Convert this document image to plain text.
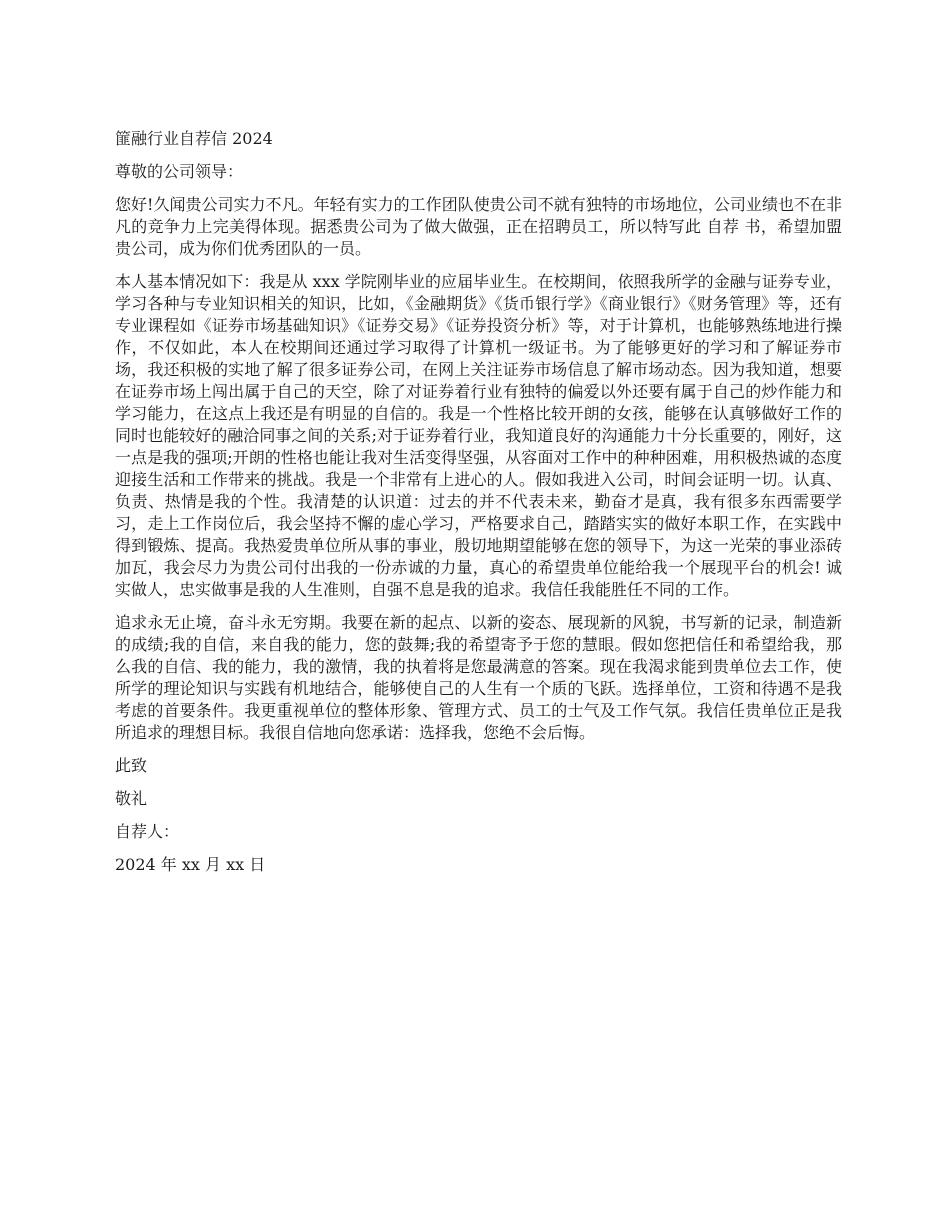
篚融行业自荐信 2024

尊敬的公司领导：

您好!久闻贵公司实力不凡。年轻有实力的工作团队使贵公司不就有独特的市场地位，公司业绩也不在非凡的竞争力上完美得体现。据悉贵公司为了做大做强，正在招聘员工，所以特写此 自荐 书，希望加盟贵公司，成为你们优秀团队的一员。

本人基本情况如下：我是从 xxx 学院刚毕业的应届毕业生。在校期间，依照我所学的金融与证券专业，学习各种与专业知识相关的知识，比如，《金融期货》《货币银行学》《商业银行》《财务管理》等，还有专业课程如《证券市场基础知识》《证券交易》《证券投资分析》等，对于计算机，也能够熟练地进行操作，不仅如此，本人在校期间还通过学习取得了计算机一级证书。为了能够更好的学习和了解证券市场，我还积极的实地了解了很多证券公司，在网上关注证券市场信息了解市场动态。因为我知道，想要在证券市场上闯出属于自己的天空，除了对证券着行业有独特的偏爱以外还要有属于自己的炒作能力和学习能力，在这点上我还是有明显的自信的。我是一个性格比较开朗的女孩，能够在认真够做好工作的同时也能较好的融洽同事之间的关系;对于证券着行业，我知道良好的沟通能力十分长重要的，刚好，这一点是我的强项;开朗的性格也能让我对生活变得坚强，从容面对工作中的种种困难，用积极热诚的态度迎接生活和工作带来的挑战。我是一个非常有上进心的人。假如我进入公司，时间会证明一切。认真、负责、热情是我的个性。我清楚的认识道：过去的并不代表未来，勤奋才是真，我有很多东西需要学习，走上工作岗位后，我会坚持不懈的虚心学习，严格要求自己，踏踏实实的做好本职工作，在实践中得到锻炼、提高。我热爱贵单位所从事的事业，殷切地期望能够在您的领导下，为这一光荣的事业添砖加瓦，我会尽力为贵公司付出我的一份赤诚的力量，真心的希望贵单位能给我一个展现平台的机会! 诚实做人，忠实做事是我的人生准则，自强不息是我的追求。我信任我能胜任不同的工作。

追求永无止境，奋斗永无穷期。我要在新的起点、以新的姿态、展现新的风貌，书写新的记录，制造新的成绩;我的自信，来自我的能力，您的鼓舞;我的希望寄予于您的慧眼。假如您把信任和希望给我，那么我的自信、我的能力，我的激情，我的执着将是您最满意的答案。现在我渴求能到贵单位去工作，使所学的理论知识与实践有机地结合，能够使自己的人生有一个质的飞跃。选择单位，工资和待遇不是我考虑的首要条件。我更重视单位的整体形象、管理方式、员工的士气及工作气氛。我信任贵单位正是我所追求的理想目标。我很自信地向您承诺：选择我，您绝不会后悔。

此致

敬礼

自荐人：

2024 年 xx 月 xx 日
